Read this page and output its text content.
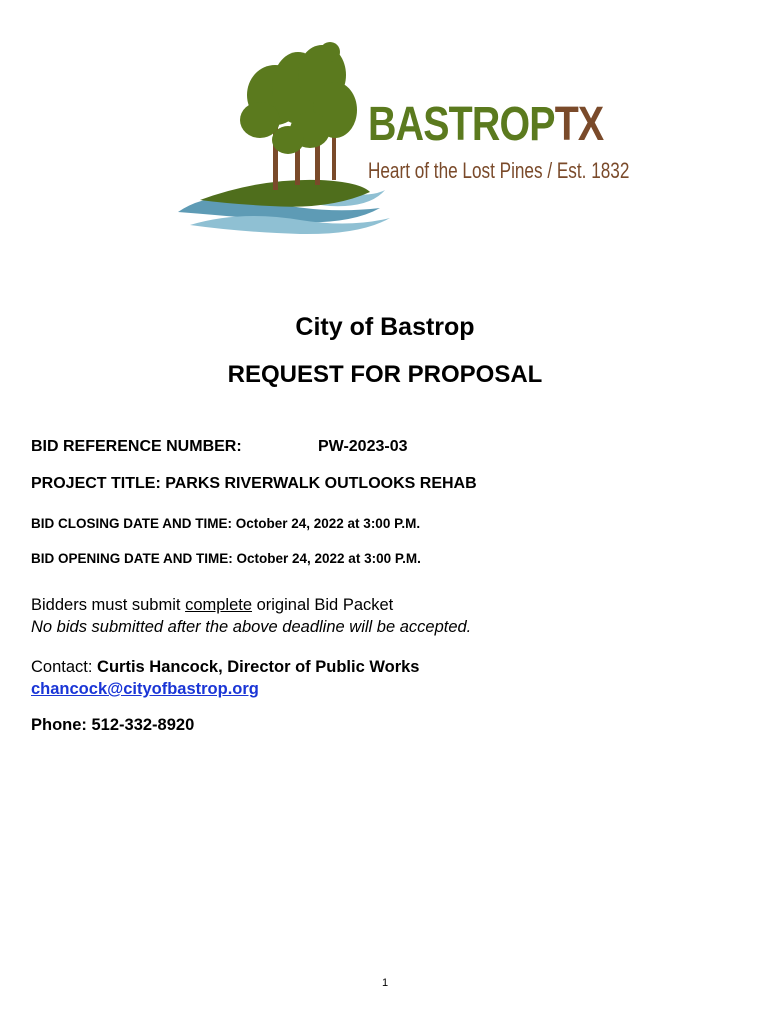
BASTROPTX
Heart of the Lost Pines / Est. 1832
City of Bastrop
REQUEST FOR PROPOSAL
BID REFERENCE NUMBER:	PW-2023-03
PROJECT TITLE: PARKS RIVERWALK OUTLOOKS REHAB
BID CLOSING DATE AND TIME: October 24, 2022 at 3:00 P.M.
BID OPENING DATE AND TIME: October 24, 2022 at 3:00 P.M.
Bidders must submit complete original Bid Packet
No bids submitted after the above deadline will be accepted.
Contact: Curtis Hancock, Director of Public Works
chancock@cityofbastrop.org
Phone: 512-332-8920
1
